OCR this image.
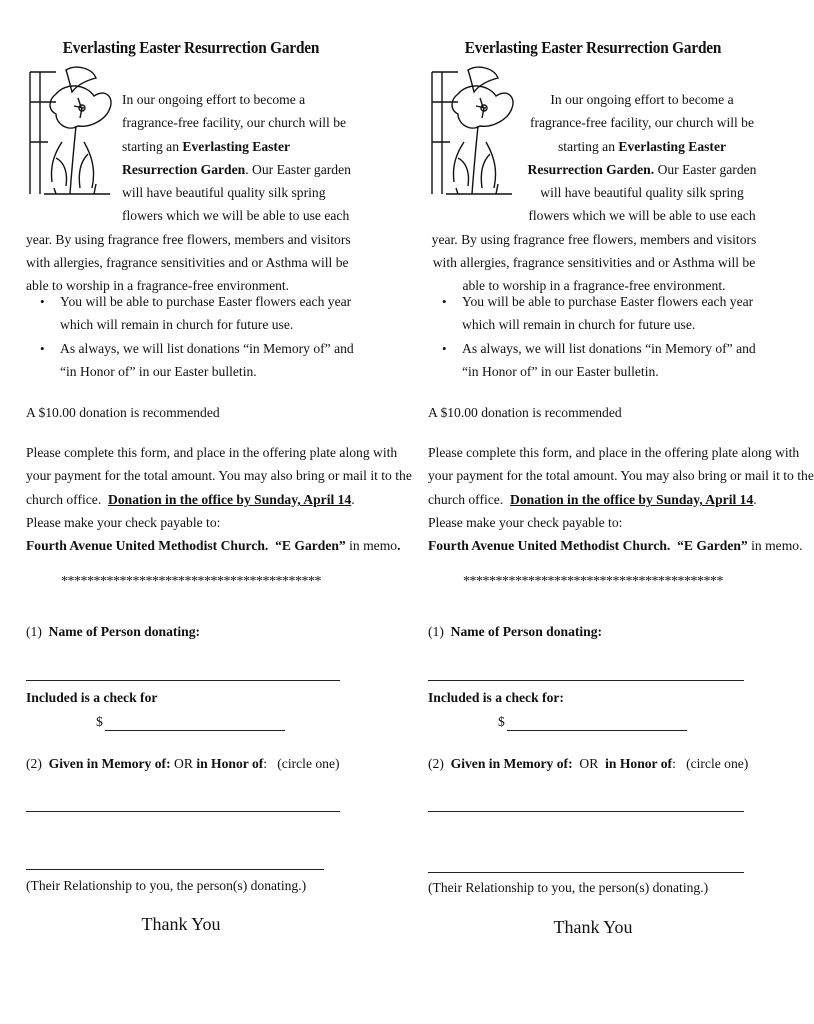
Everlasting Easter Resurrection Garden
In our ongoing effort to become a fragrance-free facility, our church will be starting an Everlasting Easter Resurrection Garden. Our Easter garden will have beautiful quality silk spring flowers which we will be able to use each year. By using fragrance free flowers, members and visitors with allergies, fragrance sensitivities and or Asthma will be able to worship in a fragrance-free environment.
• You will be able to purchase Easter flowers each year which will remain in church for future use.
• As always, we will list donations “in Memory of” and “in Honor of” in our Easter bulletin.
A $10.00 donation is recommended
Please complete this form, and place in the offering plate along with
your payment for the total amount. You may also bring or mail it to the
church office. Donation in the office by Sunday, April 14.
Please make your check payable to:
Fourth Avenue United Methodist Church. “E Garden” in memo.
****************************************
(1) Name of Person donating:
Included is a check for
$
(2) Given in Memory of: OR in Honor of:   (circle one)
(Their Relationship to you, the person(s) donating.)
Thank You
Everlasting Easter Resurrection Garden
In our ongoing effort to become a fragrance-free facility, our church will be starting an Everlasting Easter Resurrection Garden. Our Easter garden will have beautiful quality silk spring flowers which we will be able to use each year. By using fragrance free flowers, members and visitors with allergies, fragrance sensitivities and or Asthma will be able to worship in a fragrance-free environment.
• You will be able to purchase Easter flowers each year which will remain in church for future use.
• As always, we will list donations “in Memory of” and “in Honor of” in our Easter bulletin.
A $10.00 donation is recommended
Please complete this form, and place in the offering plate along with
your payment for the total amount. You may also bring or mail it to the
church office. Donation in the office by Sunday, April 14.
Please make your check payable to:
Fourth Avenue United Methodist Church. “E Garden” in memo.
****************************************
(1) Name of Person donating:
Included is a check for:
$
(2) Given in Memory of: OR in Honor of:   (circle one)
(Their Relationship to you, the person(s) donating.)
Thank You
